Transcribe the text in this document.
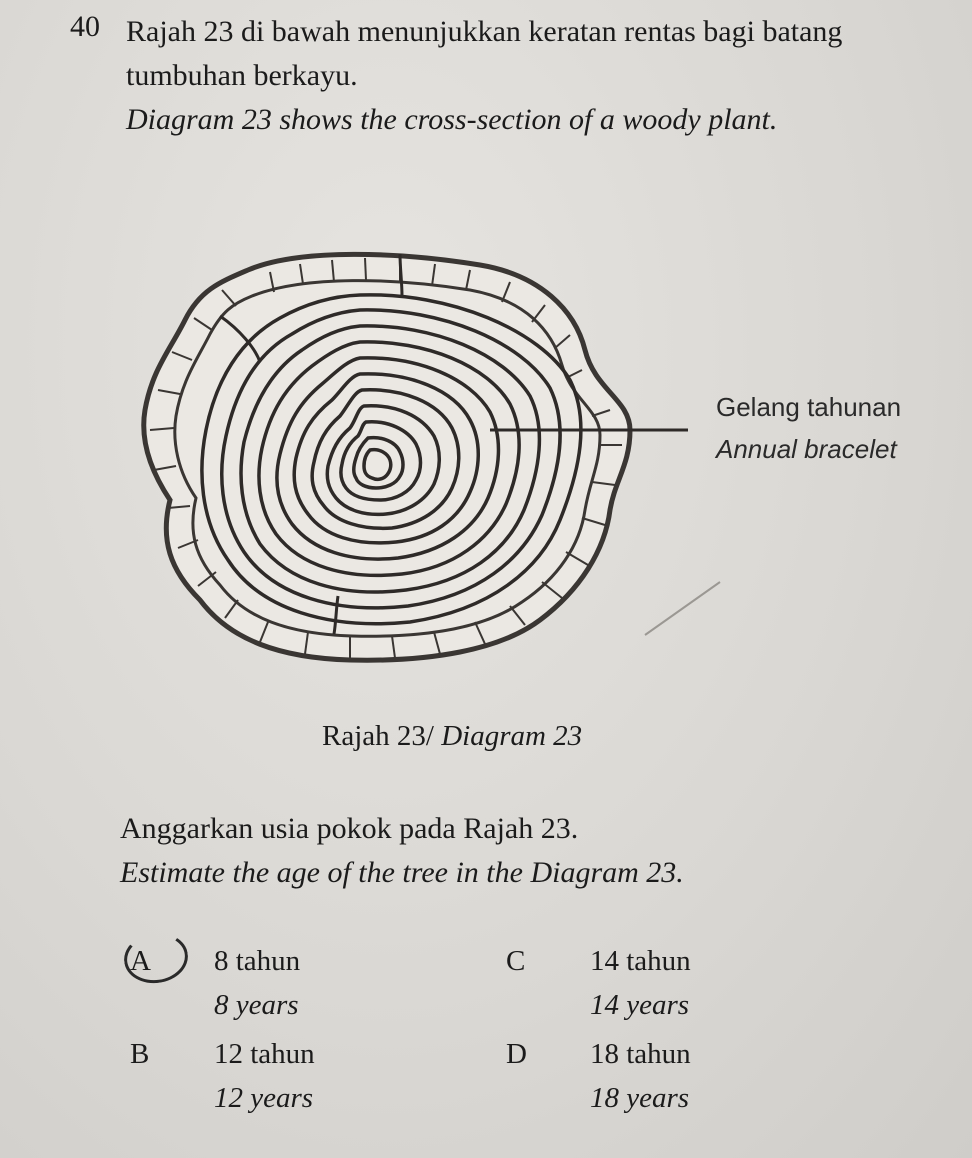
40 Rajah 23 di bawah menunjukkan keratan rentas bagi batang tumbuhan berkayu.
Diagram 23 shows the cross-section of a woody plant.
Gelang tahunan
Annual bracelet
Rajah 23/ Diagram 23
Anggarkan usia pokok pada Rajah 23.
Estimate the age of the tree in the Diagram 23.
A	8 tahun
8 years
B	12 tahun
12 years
C	14 tahun
14 years
D	18 tahun
18 years
